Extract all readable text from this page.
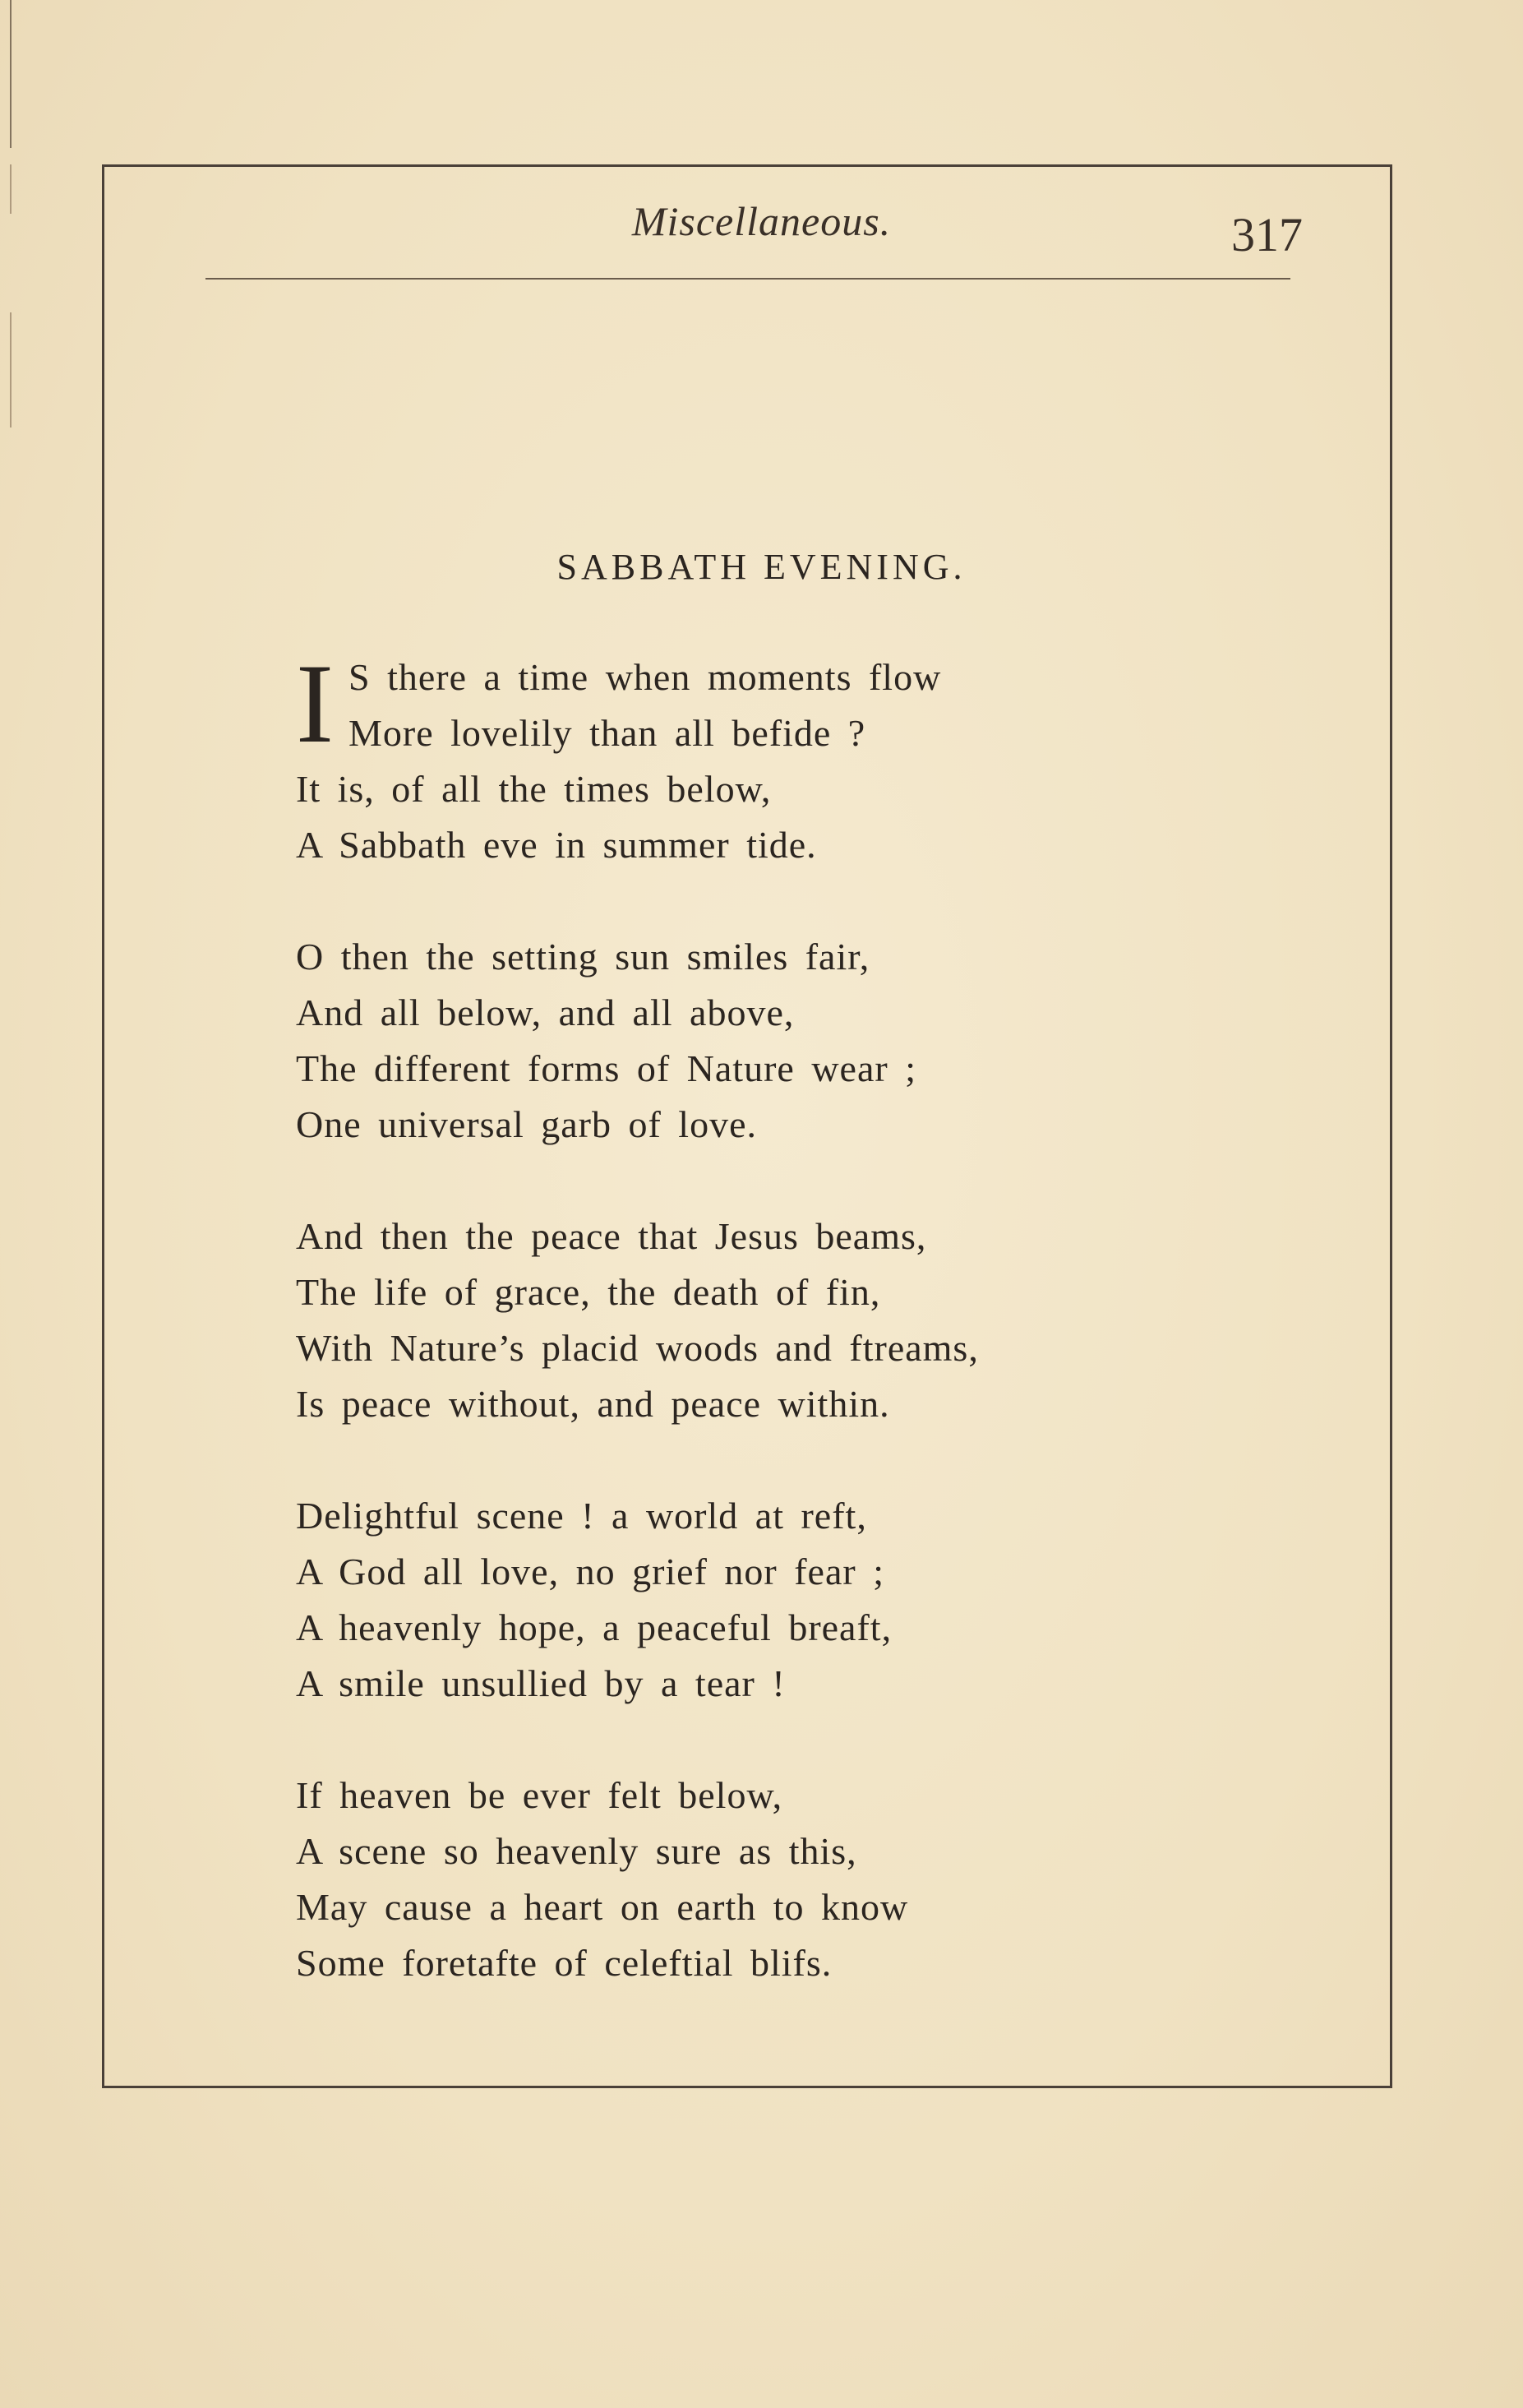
Miscellaneous.	317
SABBATH EVENING.
I S there a time when moments flow
More lovelily than all befide ?
It is, of all the times below,
A Sabbath eve in summer tide.
O then the setting sun smiles fair,
And all below, and all above,
The different forms of Nature wear ;
One universal garb of love.
And then the peace that Jesus beams,
The life of grace, the death of fin,
With Nature’s placid woods and ftreams,
Is peace without, and peace within.
Delightful scene ! a world at reft,
A God all love, no grief nor fear ;
A heavenly hope, a peaceful breaft,
A smile unsullied by a tear !
If heaven be ever felt below,
A scene so heavenly sure as this,
May cause a heart on earth to know
Some foretafte of celeftial blifs.
